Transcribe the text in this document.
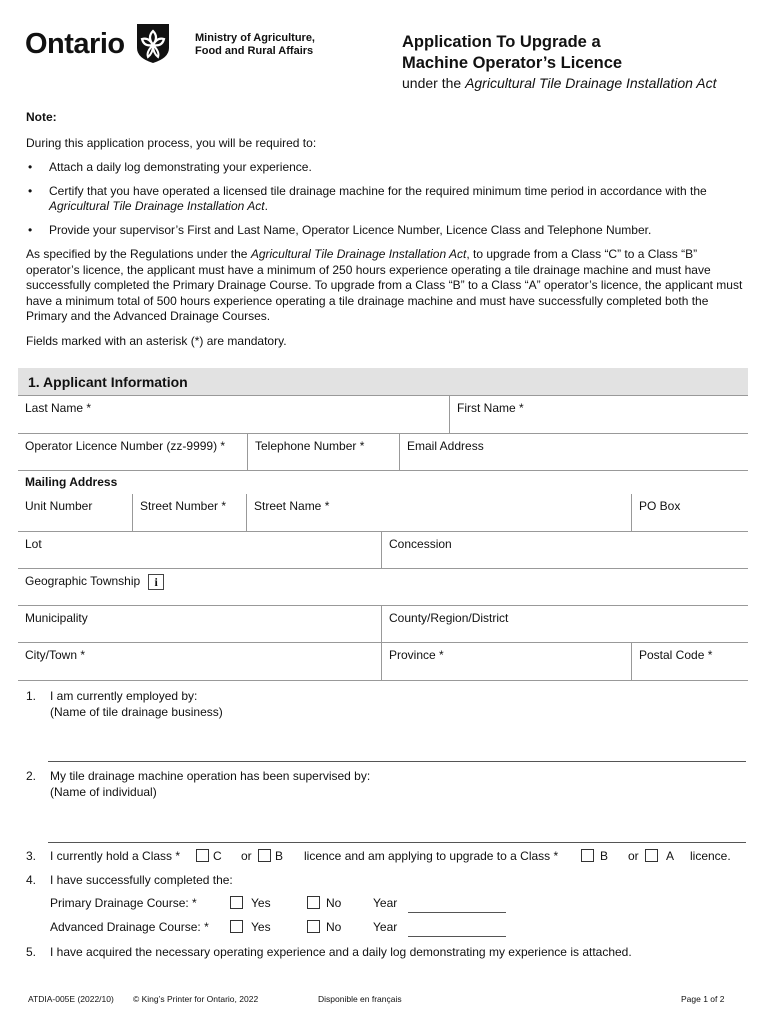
Ontario	Ministry of Agriculture,
Food and Rural Affairs	Application To Upgrade a
Machine Operator’s Licence
under the Agricultural Tile Drainage Installation Act
Note:

During this application process, you will be required to:

• Attach a daily log demonstrating your experience.
• Certify that you have operated a licensed tile drainage machine for the required minimum time period in accordance with the Agricultural Tile Drainage Installation Act.
• Provide your supervisor’s First and Last Name, Operator Licence Number, Licence Class and Telephone Number.

As specified by the Regulations under the Agricultural Tile Drainage Installation Act, to upgrade from a Class “C” to a Class “B” operator’s licence, the applicant must have a minimum of 250 hours experience operating a tile drainage machine and must have successfully completed the Primary Drainage Course. To upgrade from a Class “B” to a Class “A” operator’s licence, the applicant must have a minimum total of 500 hours experience operating a tile drainage machine and must have successfully completed both the Primary and the Advanced Drainage Courses.

Fields marked with an asterisk (*) are mandatory.

1. Applicant Information
Last Name *	First Name *
Operator Licence Number (zz-9999) *	Telephone Number *	Email Address
Mailing Address
Unit Number	Street Number *	Street Name *	PO Box
Lot	Concession
Geographic Township i
Municipality	County/Region/District
City/Town *	Province *	Postal Code *
1. I am currently employed by:
(Name of tile drainage business)
2. My tile drainage machine operation has been supervised by:
(Name of individual)
3. I currently hold a Class *	C or	B licence and am applying to upgrade to a Class *	B or	A licence.
4. I have successfully completed the:
Primary Drainage Course: *	Yes	No	Year
Advanced Drainage Course: *	Yes	No	Year
5. I have acquired the necessary operating experience and a daily log demonstrating my experience is attached.
ATDIA-005E (2022/10) © King’s Printer for Ontario, 2022	Disponible en français	Page 1 of 2
